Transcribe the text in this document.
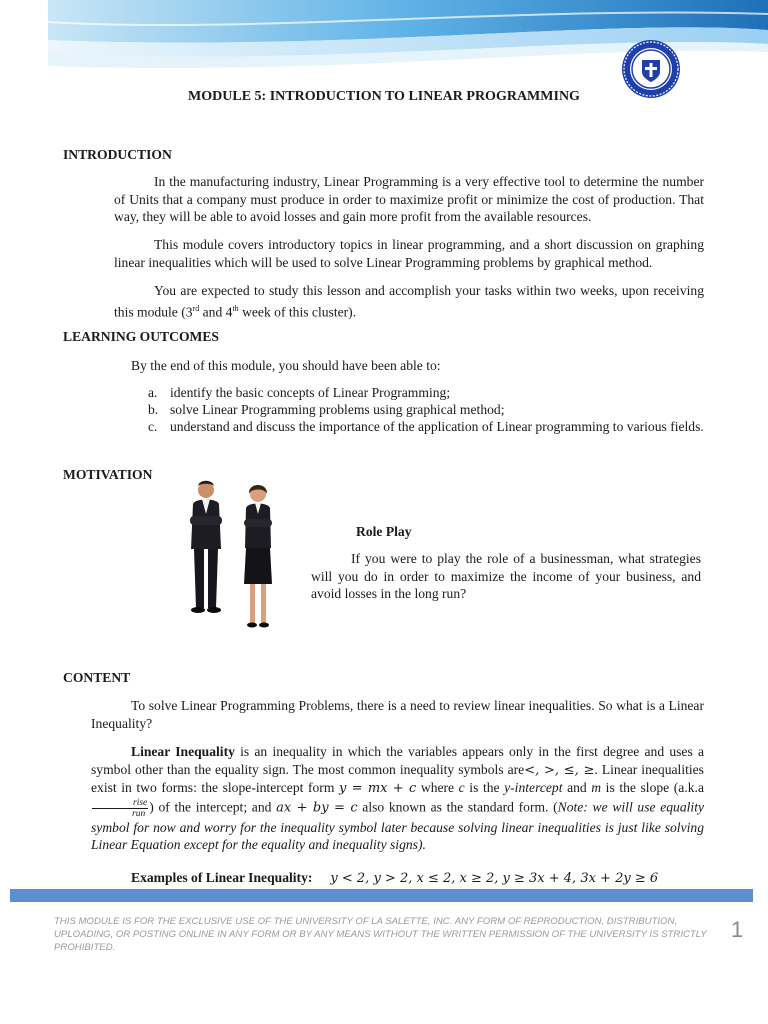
MODULE 5: INTRODUCTION TO LINEAR PROGRAMMING
INTRODUCTION
In the manufacturing industry, Linear Programming is a very effective tool to determine the number of Units that a company must produce in order to maximize profit or minimize the cost of production. That way, they will be able to avoid losses and gain more profit from the available resources.
This module covers introductory topics in linear programming, and a short discussion on graphing linear inequalities which will be used to solve Linear Programming problems by graphical method.
You are expected to study this lesson and accomplish your tasks within two weeks, upon receiving this module (3rd and 4th week of this cluster).
LEARNING OUTCOMES
By the end of this module, you should have been able to:
a. identify the basic concepts of Linear Programming;
b. solve Linear Programming problems using graphical method;
c. understand and discuss the importance of the application of Linear programming to various fields.
MOTIVATION
Role Play
If you were to play the role of a businessman, what strategies will you do in order to maximize the income of your business, and avoid losses in the long run?
CONTENT
To solve Linear Programming Problems, there is a need to review linear inequalities. So what is a Linear Inequality?
Linear Inequality is an inequality in which the variables appears only in the first degree and uses a symbol other than the equality sign. The most common inequality symbols are<, >, ≤, ≥. Linear inequalities exist in two forms: the slope-intercept form y = mx + c where c is the y-intercept and m is the slope (a.k.a
$\frac{\text{rise}}{\text{run}}$ ) of the intercept; and ax + by = c also known as the standard form. (Note: we will use equality symbol for now and worry for the inequality symbol later because solving linear inequalities is just like solving Linear Equation except for the equality and inequality signs).
Examples of Linear Inequality: y < 2, y > 2, x ≤ 2, x ≥ 2, y ≥ 3x + 4, 3x + 2y ≥ 6
THIS MODULE IS FOR THE EXCLUSIVE USE OF THE UNIVERSITY OF LA SALETTE, INC. ANY FORM OF REPRODUCTION, DISTRIBUTION, UPLOADING, OR POSTING ONLINE IN ANY FORM OR BY ANY MEANS WITHOUT THE WRITTEN PERMISSION OF THE UNIVERSITY IS STRICTLY PROHIBITED.
1
